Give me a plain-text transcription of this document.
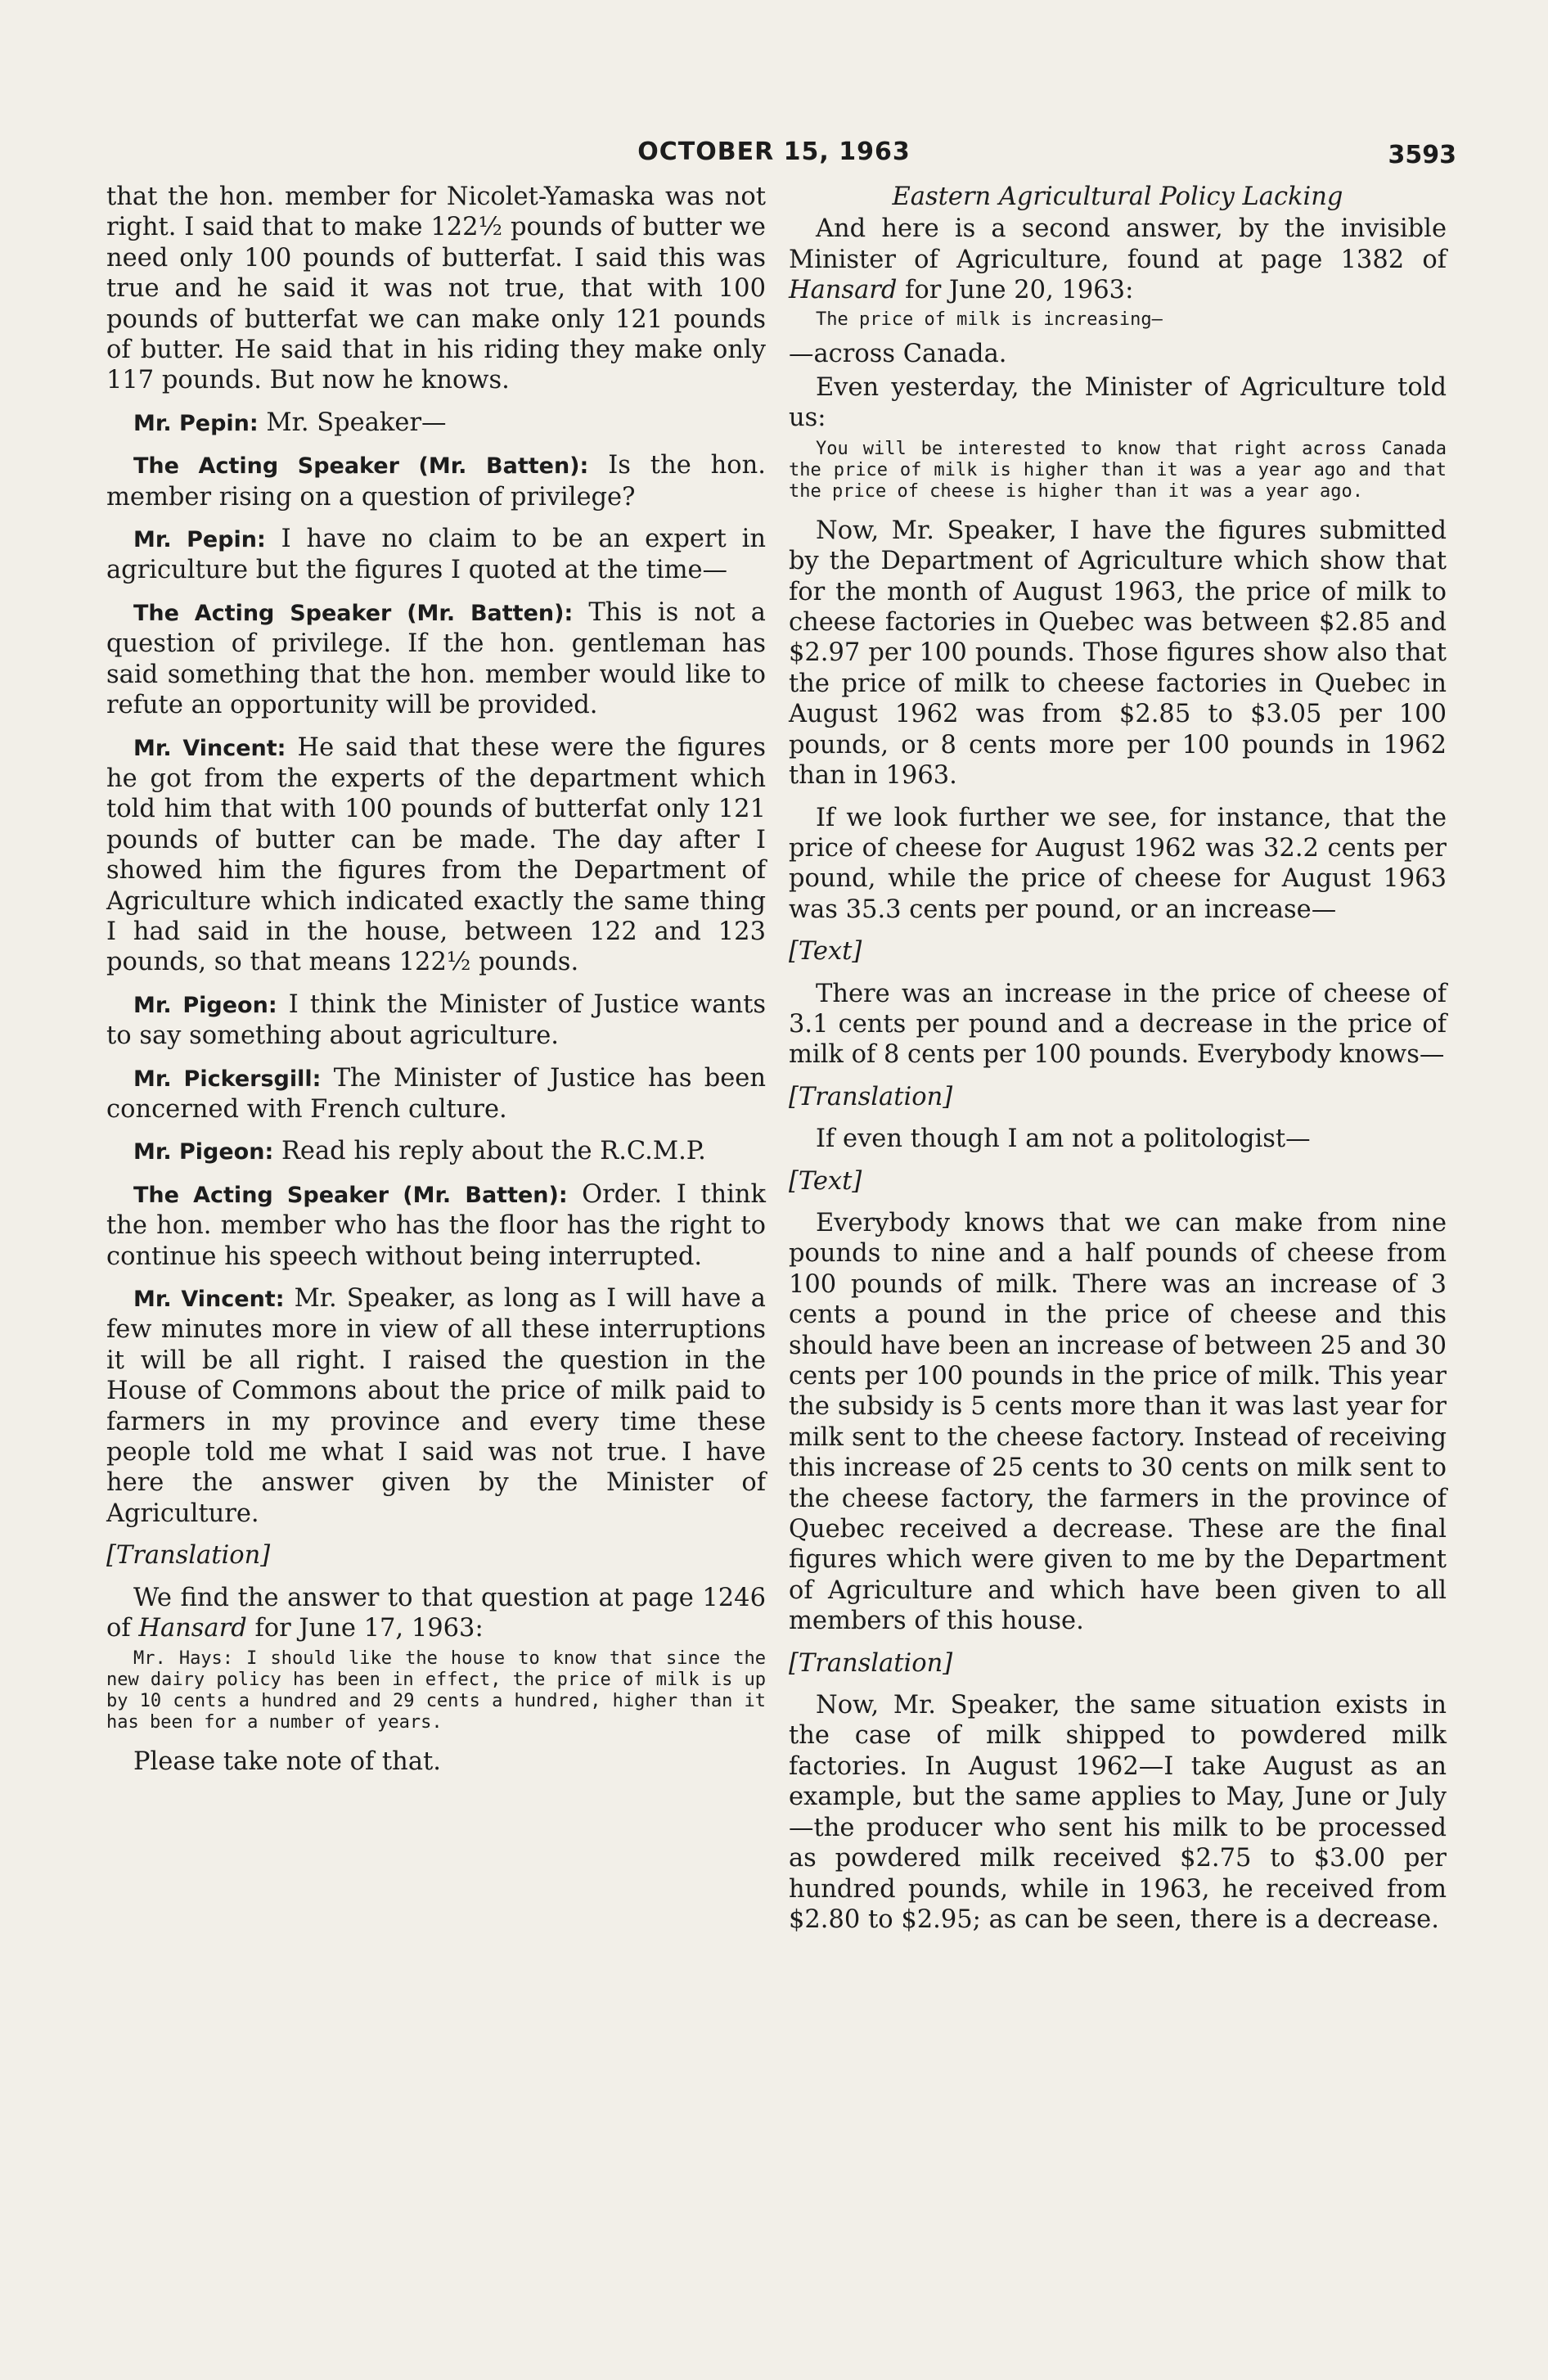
OCTOBER 15, 1963	3593

that the hon. member for Nicolet-Yamaska was not right. I said that to make 122½ pounds of butter we need only 100 pounds of butterfat. I said this was true and he said it was not true, that with 100 pounds of butterfat we can make only 121 pounds of butter. He said that in his riding they make only 117 pounds. But now he knows.

Mr. Pepin: Mr. Speaker—

The Acting Speaker (Mr. Batten): Is the hon. member rising on a question of privilege?

Mr. Pepin: I have no claim to be an expert in agriculture but the figures I quoted at the time—

The Acting Speaker (Mr. Batten): This is not a question of privilege. If the hon. gentleman has said something that the hon. member would like to refute an opportunity will be provided.

Mr. Vincent: He said that these were the figures he got from the experts of the department which told him that with 100 pounds of butterfat only 121 pounds of butter can be made. The day after I showed him the figures from the Department of Agriculture which indicated exactly the same thing I had said in the house, between 122 and 123 pounds, so that means 122½ pounds.

Mr. Pigeon: I think the Minister of Justice wants to say something about agriculture.

Mr. Pickersgill: The Minister of Justice has been concerned with French culture.

Mr. Pigeon: Read his reply about the R.C.M.P.

The Acting Speaker (Mr. Batten): Order. I think the hon. member who has the floor has the right to continue his speech without being interrupted.

Mr. Vincent: Mr. Speaker, as long as I will have a few minutes more in view of all these interruptions it will be all right. I raised the question in the House of Commons about the price of milk paid to farmers in my province and every time these people told me what I said was not true. I have here the answer given by the Minister of Agriculture.

[Translation]

We find the answer to that question at page 1246 of Hansard for June 17, 1963:

Mr. Hays: I should like the house to know that since the new dairy policy has been in effect, the price of milk is up by 10 cents a hundred and 29 cents a hundred, higher than it has been for a number of years.

Please take note of that.

Eastern Agricultural Policy Lacking

And here is a second answer, by the invisible Minister of Agriculture, found at page 1382 of Hansard for June 20, 1963:

The price of milk is increasing—

—across Canada.

Even yesterday, the Minister of Agriculture told us:

You will be interested to know that right across Canada the price of milk is higher than it was a year ago and that the price of cheese is higher than it was a year ago.

Now, Mr. Speaker, I have the figures submitted by the Department of Agriculture which show that for the month of August 1963, the price of milk to cheese factories in Quebec was between $2.85 and $2.97 per 100 pounds. Those figures show also that the price of milk to cheese factories in Quebec in August 1962 was from $2.85 to $3.05 per 100 pounds, or 8 cents more per 100 pounds in 1962 than in 1963.

If we look further we see, for instance, that the price of cheese for August 1962 was 32.2 cents per pound, while the price of cheese for August 1963 was 35.3 cents per pound, or an increase—

[Text]

There was an increase in the price of cheese of 3.1 cents per pound and a decrease in the price of milk of 8 cents per 100 pounds. Everybody knows—

[Translation]

If even though I am not a politologist—

[Text]

Everybody knows that we can make from nine pounds to nine and a half pounds of cheese from 100 pounds of milk. There was an increase of 3 cents a pound in the price of cheese and this should have been an increase of between 25 and 30 cents per 100 pounds in the price of milk. This year the subsidy is 5 cents more than it was last year for milk sent to the cheese factory. Instead of receiving this increase of 25 cents to 30 cents on milk sent to the cheese factory, the farmers in the province of Quebec received a decrease. These are the final figures which were given to me by the Department of Agriculture and which have been given to all members of this house.

[Translation]

Now, Mr. Speaker, the same situation exists in the case of milk shipped to powdered milk factories. In August 1962—I take August as an example, but the same applies to May, June or July—the producer who sent his milk to be processed as powdered milk received $2.75 to $3.00 per hundred pounds, while in 1963, he received from $2.80 to $2.95; as can be seen, there is a decrease.
